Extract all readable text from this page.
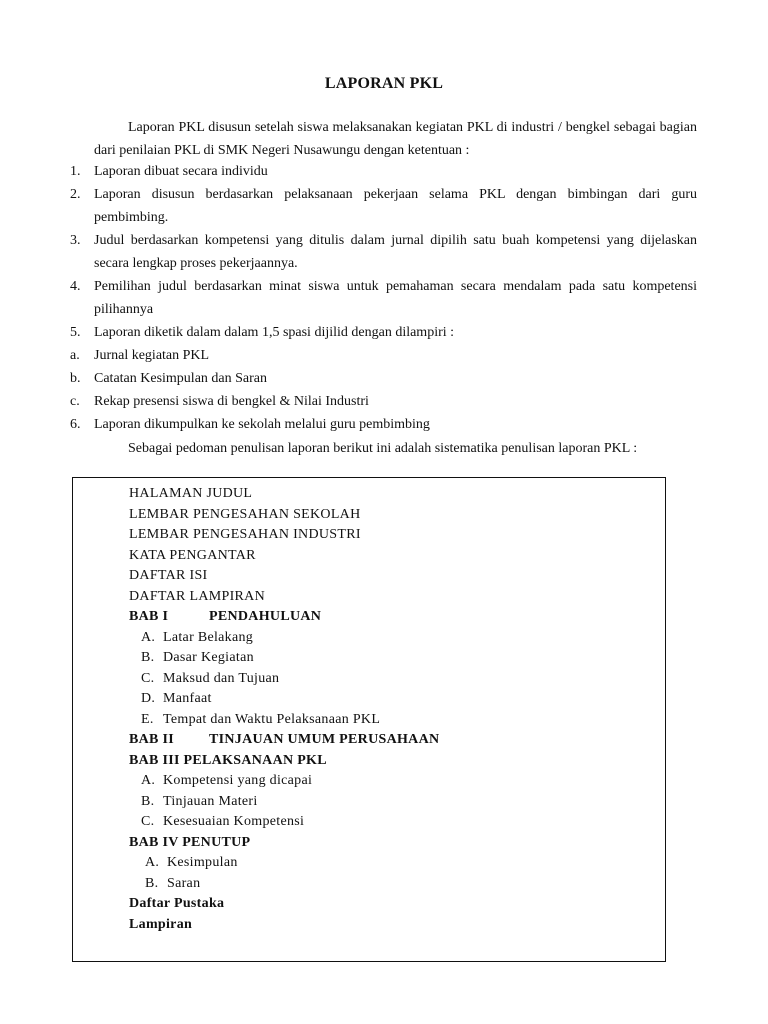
LAPORAN PKL
Laporan PKL disusun setelah siswa melaksanakan kegiatan PKL di industri / bengkel sebagai bagian dari penilaian PKL di SMK Negeri Nusawungu dengan ketentuan :
1. Laporan dibuat secara individu
2. Laporan disusun berdasarkan pelaksanaan pekerjaan selama PKL dengan bimbingan dari guru pembimbing.
3. Judul berdasarkan kompetensi yang ditulis dalam jurnal dipilih satu buah kompetensi yang dijelaskan secara lengkap proses pekerjaannya.
4. Pemilihan judul berdasarkan minat siswa untuk pemahaman secara mendalam pada satu kompetensi pilihannya
5. Laporan diketik dalam dalam 1,5 spasi dijilid dengan dilampiri :
a.	Jurnal kegiatan PKL
b. Catatan Kesimpulan dan Saran
c.	Rekap presensi siswa di bengkel & Nilai Industri
6. Laporan dikumpulkan ke sekolah melalui guru pembimbing
Sebagai pedoman penulisan laporan berikut ini adalah sistematika penulisan laporan PKL :
HALAMAN JUDUL
LEMBAR PENGESAHAN SEKOLAH
LEMBAR PENGESAHAN INDUSTRI
KATA PENGANTAR
DAFTAR ISI
DAFTAR LAMPIRAN
BAB I	PENDAHULUAN
A. Latar Belakang
B. Dasar Kegiatan
C. Maksud dan Tujuan
D. Manfaat
E. Tempat dan Waktu Pelaksanaan PKL
BAB II	TINJAUAN UMUM PERUSAHAAN
BAB III PELAKSANAAN PKL
A. Kompetensi yang dicapai
B. Tinjauan Materi
C. Kesesuaian Kompetensi
BAB IV PENUTUP
A. Kesimpulan
B. Saran
Daftar Pustaka
Lampiran
